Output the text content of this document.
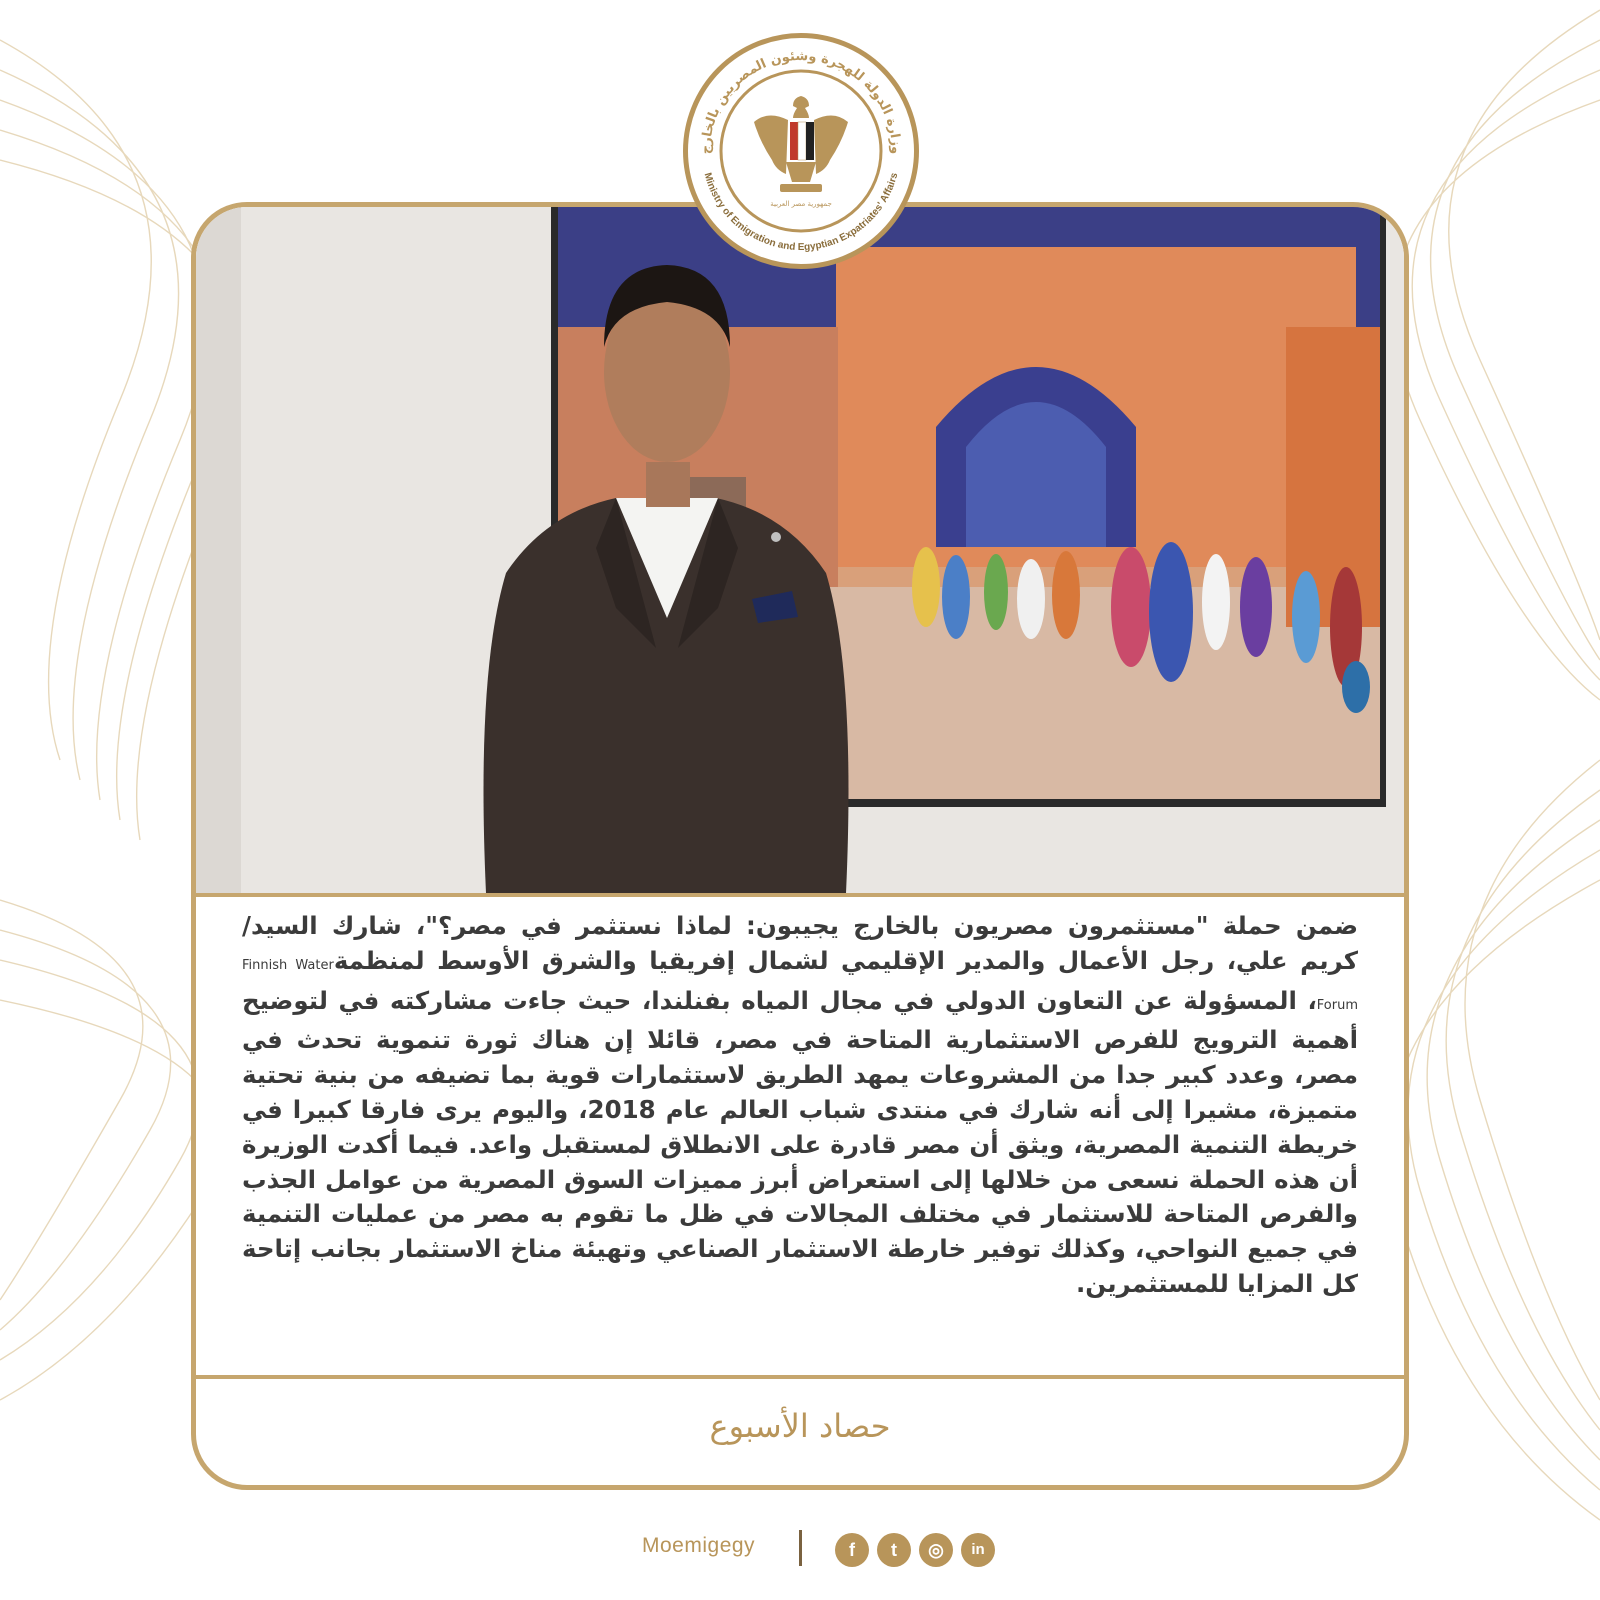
جمهورية مصر العربية
وزارة الدولة للهجرة وشئون المصريين بالخارج
Ministry of Emigration and Egyptian Expatriates' Affairs
ضمن حملة "مستثمرون مصريون بالخارج يجيبون: لماذا نستثمر في مصر؟"، شارك السيد/ كريم علي، رجل الأعمال والمدير الإقليمي لشمال إفريقيا والشرق الأوسط لمنظمةFinnish Water Forum، المسؤولة عن التعاون الدولي في مجال المياه بفنلندا، حيث جاءت مشاركته في لتوضيح أهمية الترويج للفرص الاستثمارية المتاحة في مصر، قائلا إن هناك ثورة تنموية تحدث في مصر، وعدد كبير جدا من المشروعات يمهد الطريق لاستثمارات قوية بما تضيفه من بنية تحتية متميزة، مشيرا إلى أنه شارك في منتدى شباب العالم عام 2018، واليوم يرى فارقا كبيرا في خريطة التنمية المصرية، ويثق أن مصر قادرة على الانطلاق لمستقبل واعد. فيما أكدت الوزيرة أن هذه الحملة نسعى من خلالها إلى استعراض أبرز مميزات السوق المصرية من عوامل الجذب والفرص المتاحة للاستثمار في مختلف المجالات في ظل ما تقوم به مصر من عمليات التنمية في جميع النواحي، وكذلك توفير خارطة الاستثمار الصناعي وتهيئة مناخ الاستثمار بجانب إتاحة كل المزايا للمستثمرين.
حصاد الأسبوع
Moemigegy	f	t	◎	in
